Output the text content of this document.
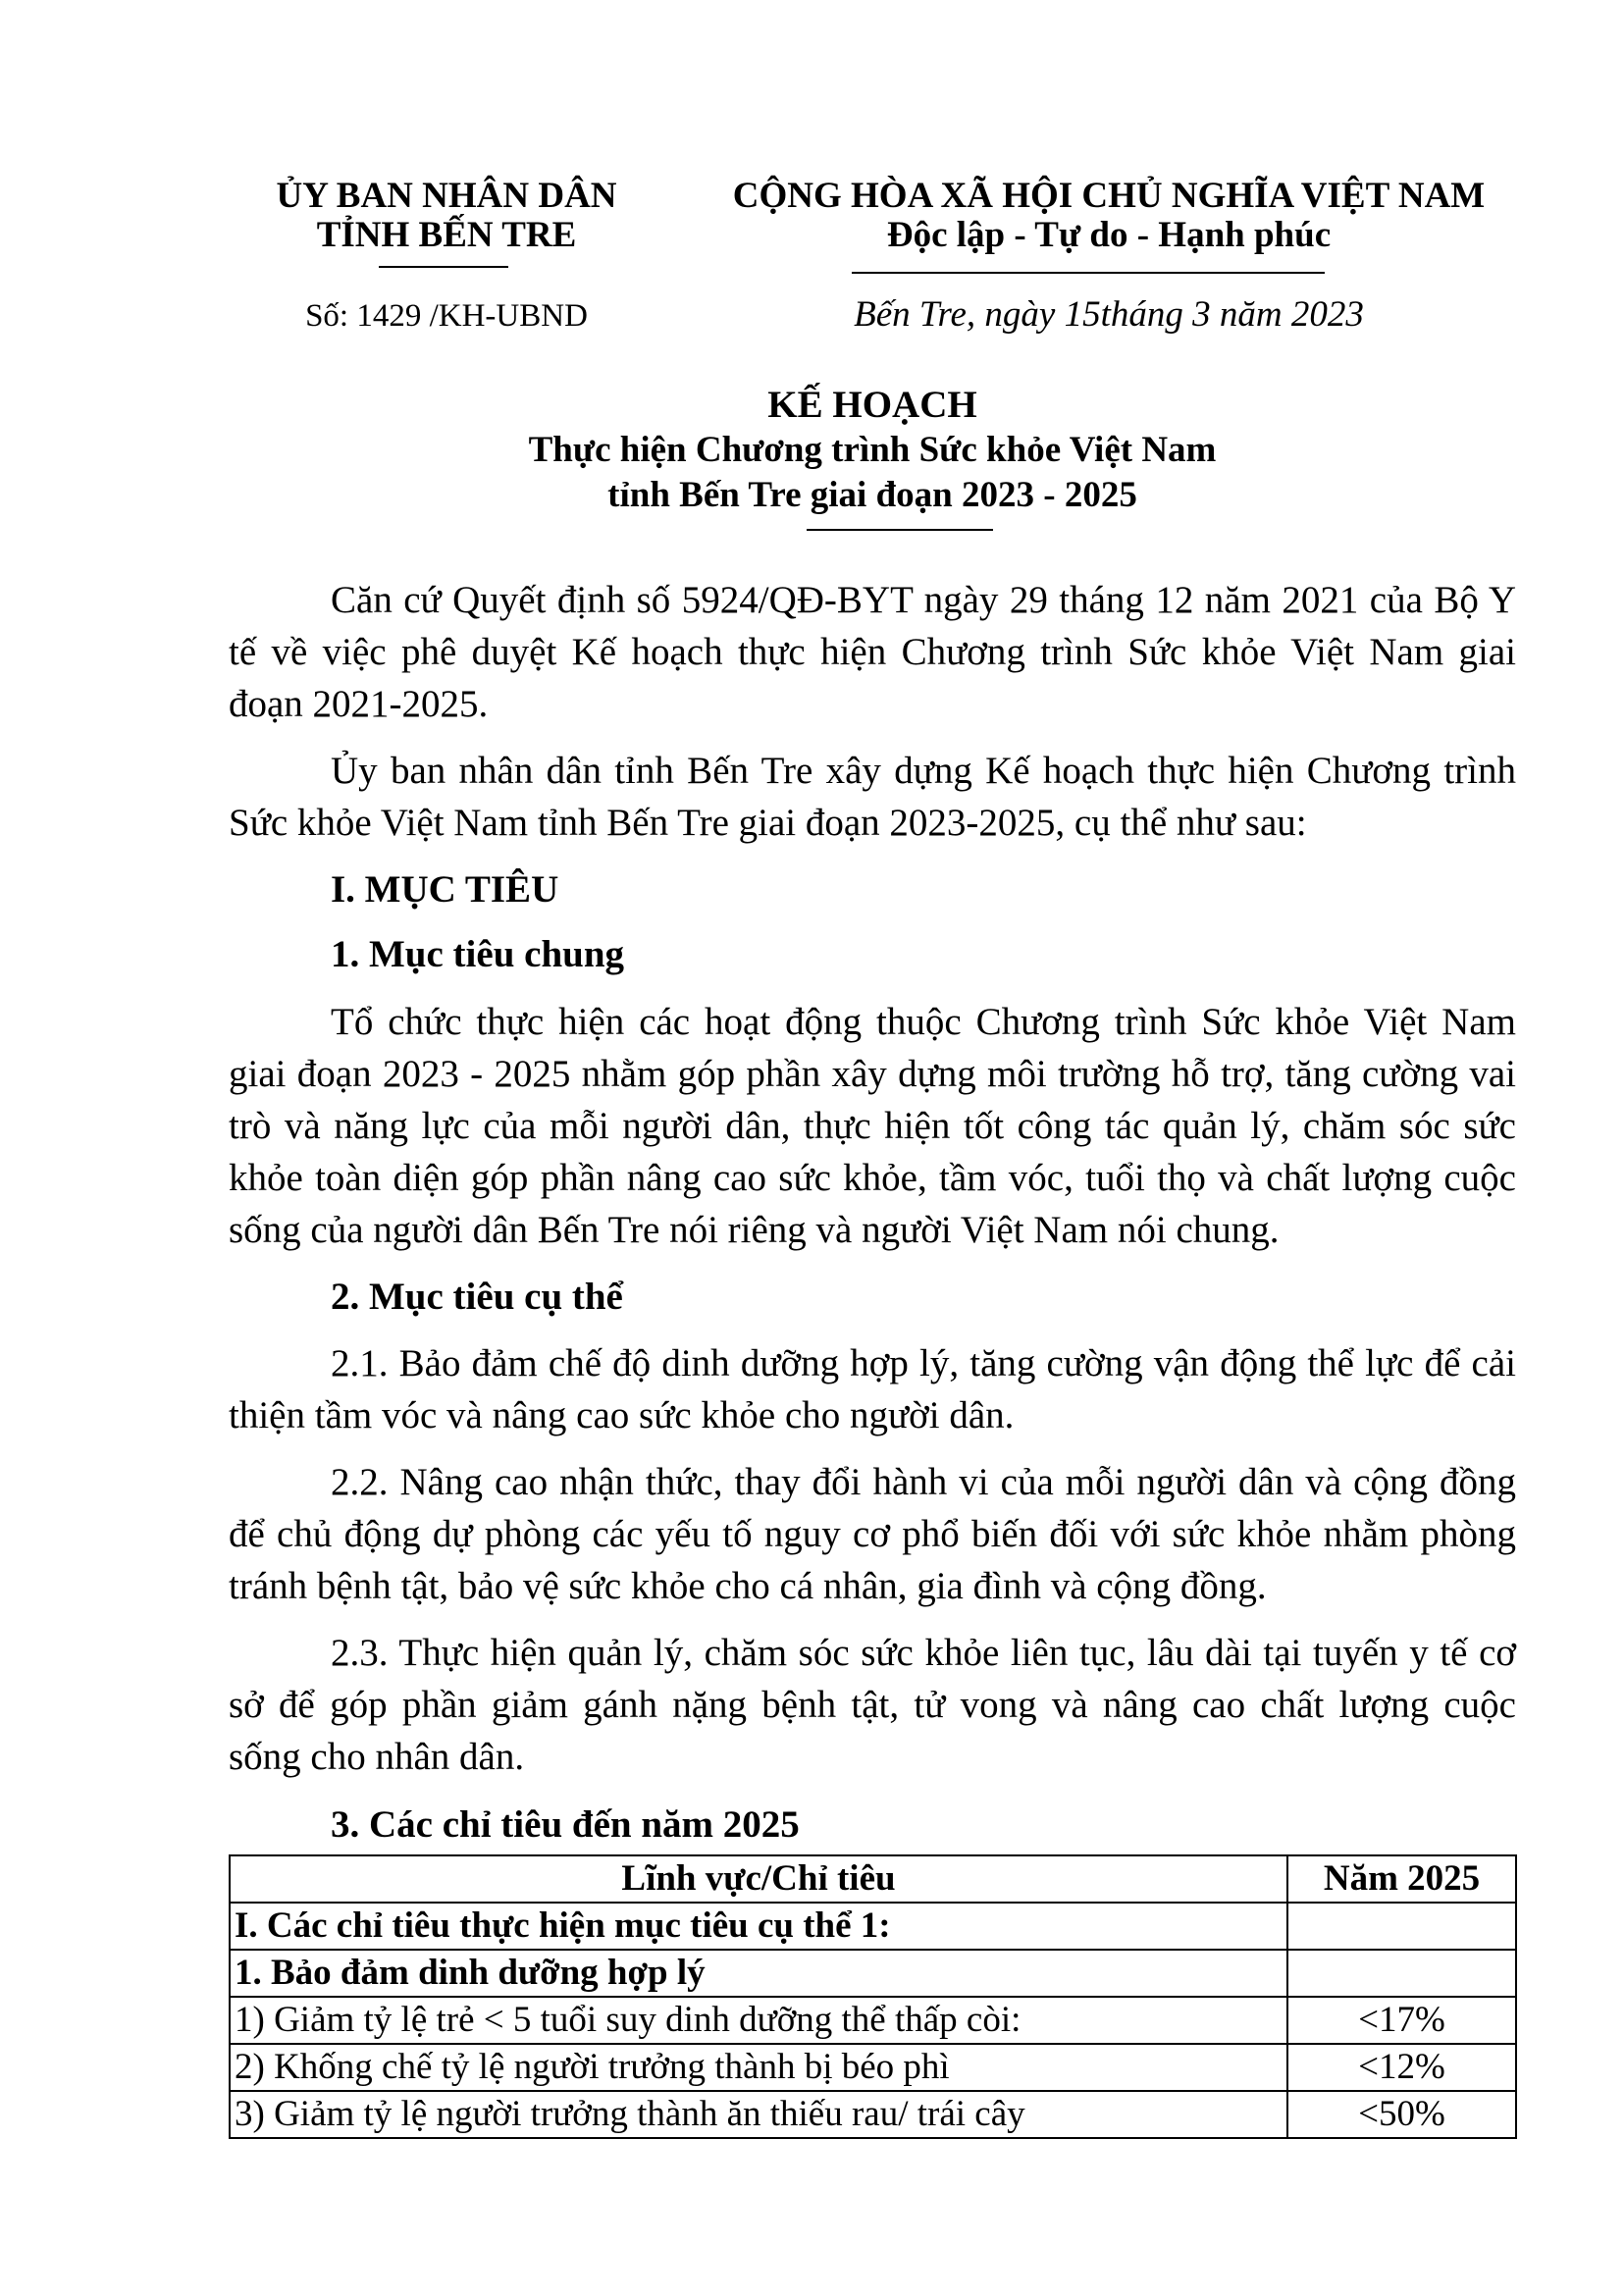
ỦY BAN NHÂN DÂN
TỈNH BẾN TRE
CỘNG HÒA XÃ HỘI CHỦ NGHĨA VIỆT NAM
Độc lập - Tự do - Hạnh phúc
Số: 1429 /KH-UBND	Bến Tre, ngày 15tháng 3 năm 2023
KẾ HOẠCH
Thực hiện Chương trình Sức khỏe Việt Nam
tỉnh Bến Tre giai đoạn 2023 - 2025
Căn cứ Quyết định số 5924/QĐ-BYT ngày 29 tháng 12 năm 2021 của Bộ Y
tế về việc phê duyệt Kế hoạch thực hiện Chương trình Sức khỏe Việt Nam giai
đoạn 2021-2025.
Ủy ban nhân dân tỉnh Bến Tre xây dựng Kế hoạch thực hiện Chương trình
Sức khỏe Việt Nam tỉnh Bến Tre giai đoạn 2023-2025, cụ thể như sau:
I. MỤC TIÊU
1. Mục tiêu chung
Tổ chức thực hiện các hoạt động thuộc Chương trình Sức khỏe Việt Nam
giai đoạn 2023 - 2025 nhằm góp phần xây dựng môi trường hỗ trợ, tăng cường vai
trò và năng lực của mỗi người dân, thực hiện tốt công tác quản lý, chăm sóc sức
khỏe toàn diện góp phần nâng cao sức khỏe, tầm vóc, tuổi thọ và chất lượng cuộc
sống của người dân Bến Tre nói riêng và người Việt Nam nói chung.
2. Mục tiêu cụ thể
2.1. Bảo đảm chế độ dinh dưỡng hợp lý, tăng cường vận động thể lực để cải
thiện tầm vóc và nâng cao sức khỏe cho người dân.
2.2. Nâng cao nhận thức, thay đổi hành vi của mỗi người dân và cộng đồng
để chủ động dự phòng các yếu tố nguy cơ phổ biến đối với sức khỏe nhằm phòng
tránh bệnh tật, bảo vệ sức khỏe cho cá nhân, gia đình và cộng đồng.
2.3. Thực hiện quản lý, chăm sóc sức khỏe liên tục, lâu dài tại tuyến y tế cơ
sở để góp phần giảm gánh nặng bệnh tật, tử vong và nâng cao chất lượng cuộc
sống cho nhân dân.
3. Các chỉ tiêu đến năm 2025
Lĩnh vực/Chỉ tiêu	Năm 2025
I. Các chỉ tiêu thực hiện mục tiêu cụ thể 1:	
1. Bảo đảm dinh dưỡng hợp lý	
1) Giảm tỷ lệ trẻ < 5 tuổi suy dinh dưỡng thể thấp còi:	<17%
2) Khống chế tỷ lệ người trưởng thành bị béo phì	<12%
3) Giảm tỷ lệ người trưởng thành ăn thiếu rau/ trái cây	<50%
